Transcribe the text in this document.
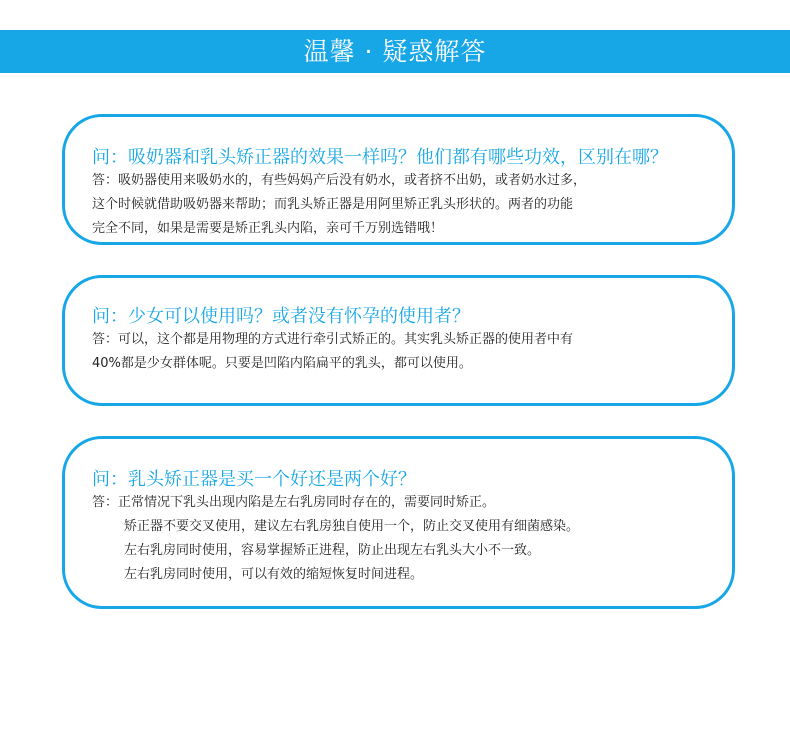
温馨 · 疑惑解答
问：吸奶器和乳头矫正器的效果一样吗？他们都有哪些功效，区别在哪？
答：吸奶器使用来吸奶水的，有些妈妈产后没有奶水，或者挤不出奶，或者奶水过多，
这个时候就借助吸奶器来帮助；而乳头矫正器是用阿里矫正乳头形状的。两者的功能
完全不同，如果是需要是矫正乳头内陷，亲可千万别选错哦！
问：少女可以使用吗？或者没有怀孕的使用者？
答：可以，这个都是用物理的方式进行牵引式矫正的。其实乳头矫正器的使用者中有
40%都是少女群体呢。只要是凹陷内陷扁平的乳头，都可以使用。
问：乳头矫正器是买一个好还是两个好？
答：正常情况下乳头出现内陷是左右乳房同时存在的，需要同时矫正。
矫正器不要交叉使用，建议左右乳房独自使用一个，防止交叉使用有细菌感染。
左右乳房同时使用，容易掌握矫正进程，防止出现左右乳头大小不一致。
左右乳房同时使用，可以有效的缩短恢复时间进程。
